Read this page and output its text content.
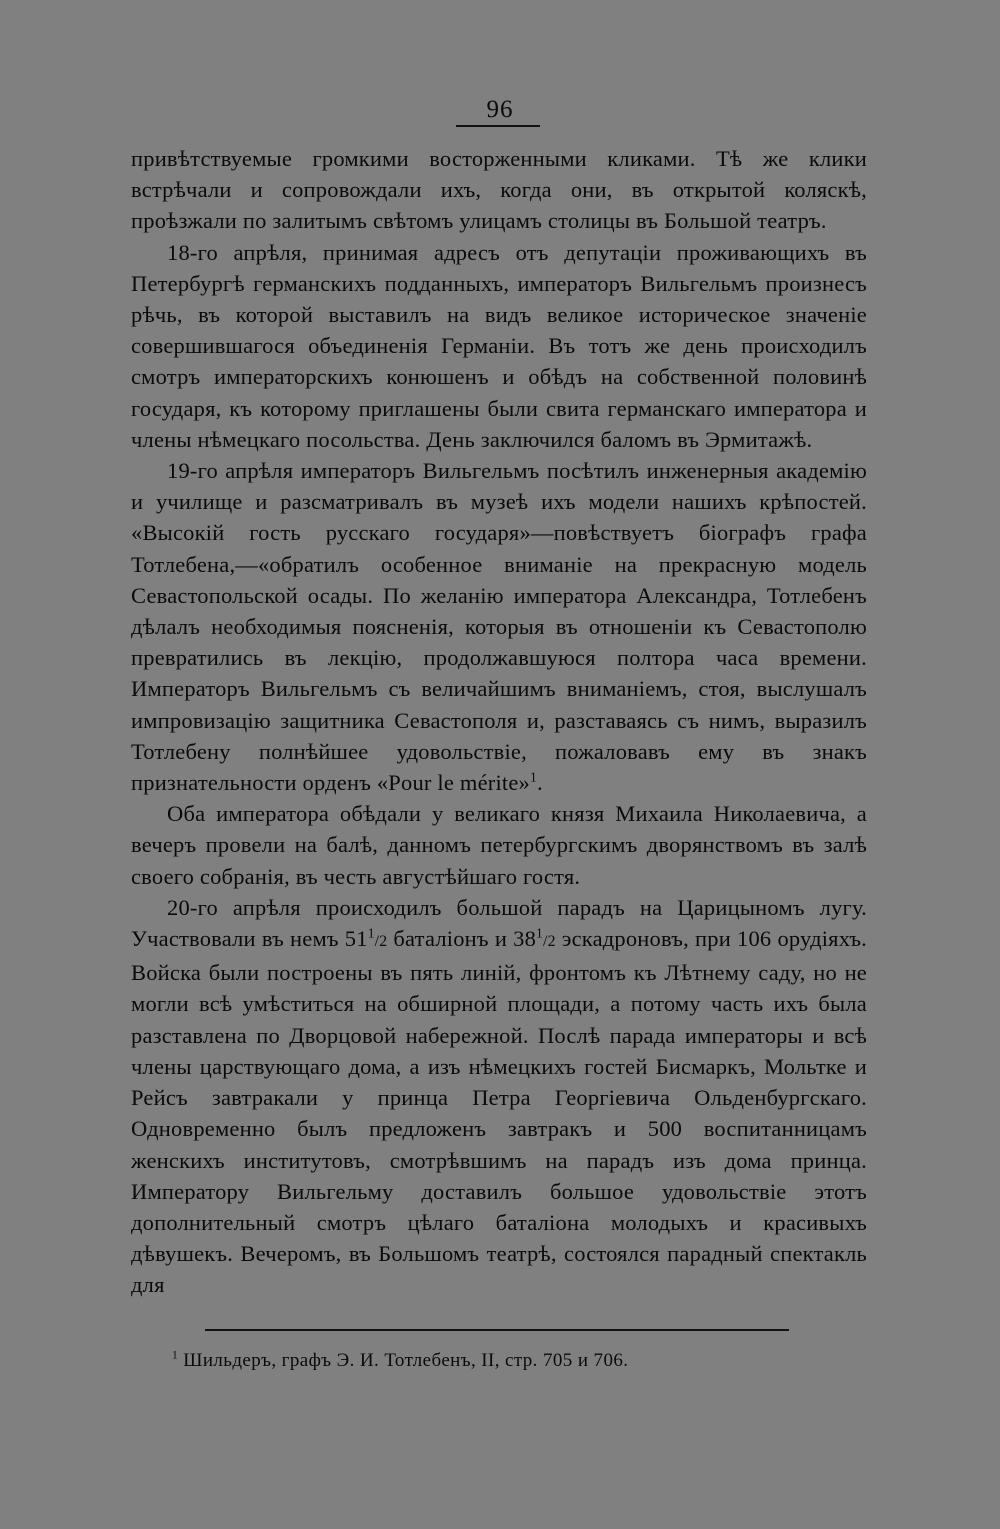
96

привѣтствуемые громкими восторженными кликами. Тѣ же клики встрѣчали и сопровождали ихъ, когда они, въ открытой коляскѣ, проѣзжали по залитымъ свѣтомъ улицамъ столицы въ Большой театръ.

18-го апрѣля, принимая адресъ отъ депутаціи проживающихъ въ Петербургѣ германскихъ подданныхъ, императоръ Вильгельмъ произнесъ рѣчь, въ которой выставилъ на видъ великое историческое значеніе совершившагося объединенія Германіи. Въ тотъ же день происходилъ смотръ императорскихъ конюшенъ и обѣдъ на собственной половинѣ государя, къ которому приглашены были свита германскаго императора и члены нѣмецкаго посольства. День заключился баломъ въ Эрмитажѣ.

19-го апрѣля императоръ Вильгельмъ посѣтилъ инженерныя академію и училище и разсматривалъ въ музеѣ ихъ модели нашихъ крѣпостей. «Высокій гость русскаго государя»—повѣствуетъ біографъ графа Тотлебена,—«обратилъ особенное вниманіе на прекрасную модель Севастопольской осады. По желанію императора Александра, Тотлебенъ дѣлалъ необходимыя поясненія, которыя въ отношеніи къ Севастополю превратились въ лекцію, продолжавшуюся полтора часа времени. Императоръ Вильгельмъ съ величайшимъ вниманіемъ, стоя, выслушалъ импровизацію защитника Севастополя и, разставаясь съ нимъ, выразилъ Тотлебену полнѣйшее удовольствіе, пожаловавъ ему въ знакъ признательности орденъ «Pour le mérite»$^1$.

Оба императора обѣдали у великаго князя Михаила Николаевича, а вечеръ провели на балѣ, данномъ петербургскимъ дворянствомъ въ залѣ своего собранія, въ честь августѣйшаго гостя.

20-го апрѣля происходилъ большой парадъ на Царицыномъ лугу. Участвовали въ немъ $51^1/2$ баталіонъ и $38^1/2$ эскадроновъ, при 106 орудіяхъ. Войска были построены въ пять линій, фронтомъ къ Лѣтнему саду, но не могли всѣ умѣститься на обширной площади, а потому часть ихъ была разставлена по Дворцовой набережной. Послѣ парада императоры и всѣ члены царствующаго дома, а изъ нѣмецкихъ гостей Бисмаркъ, Мольтке и Рейсъ завтракали у принца Петра Георгіевича Ольденбургскаго. Одновременно былъ предложенъ завтракъ и 500 воспитанницамъ женскихъ институтовъ, смотрѣвшимъ на парадъ изъ дома принца. Императору Вильгельму доставилъ большое удовольствіе этотъ дополнительный смотръ цѣлаго баталіона молодыхъ и красивыхъ дѣвушекъ. Вечеромъ, въ Большомъ театрѣ, состоялся парадный спектакль для

$^1$ Шильдеръ, графъ Э. И. Тотлебенъ, II, стр. 705 и 706.
